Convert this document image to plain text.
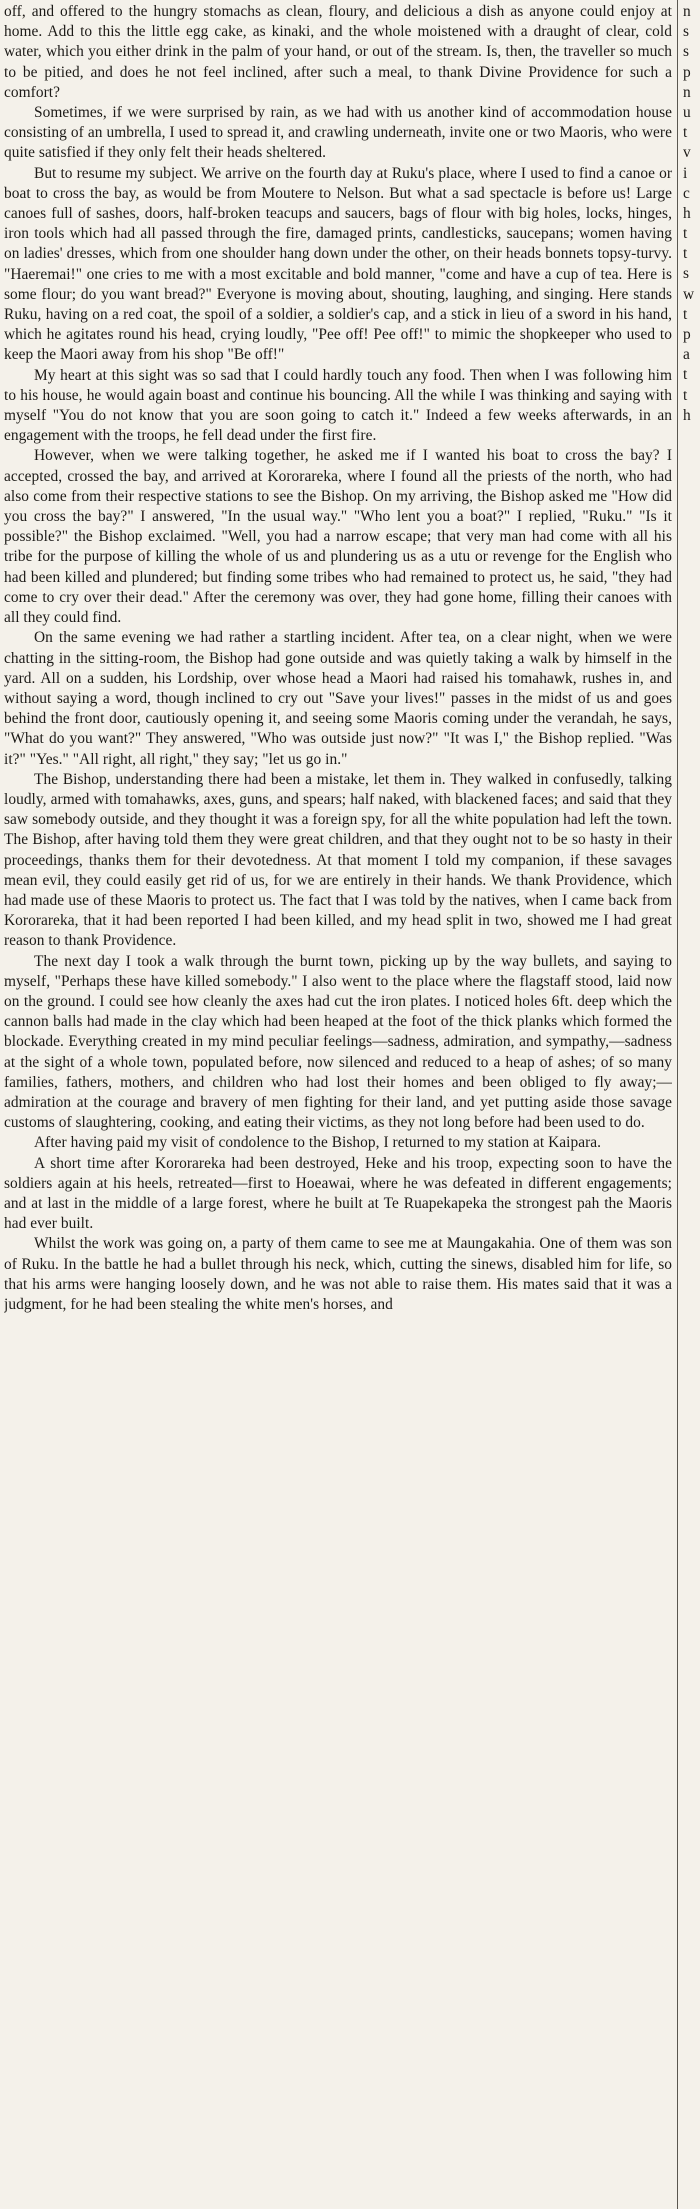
off, and offered to the hungry stomachs as clean, floury, and delicious a dish as anyone could enjoy at home. Add to this the little egg cake, as kinaki, and the whole moistened with a draught of clear, cold water, which you either drink in the palm of your hand, or out of the stream. Is, then, the traveller so much to be pitied, and does he not feel inclined, after such a meal, to thank Divine Providence for such a comfort?

Sometimes, if we were surprised by rain, as we had with us another kind of accommodation house consisting of an umbrella, I used to spread it, and crawling underneath, invite one or two Maoris, who were quite satisfied if they only felt their heads sheltered.

But to resume my subject. We arrive on the fourth day at Ruku's place, where I used to find a canoe or boat to cross the bay, as would be from Moutere to Nelson. But what a sad spectacle is before us! Large canoes full of sashes, doors, half-broken teacups and saucers, bags of flour with big holes, locks, hinges, iron tools which had all passed through the fire, damaged prints, candlesticks, saucepans; women having on ladies' dresses, which from one shoulder hang down under the other, on their heads bonnets topsy-turvy. "Haeremai!" one cries to me with a most excitable and bold manner, "come and have a cup of tea. Here is some flour; do you want bread?" Everyone is moving about, shouting, laughing, and singing. Here stands Ruku, having on a red coat, the spoil of a soldier, a soldier's cap, and a stick in lieu of a sword in his hand, which he agitates round his head, crying loudly, "Pee off! Pee off!" to mimic the shopkeeper who used to keep the Maori away from his shop "Be off!"

My heart at this sight was so sad that I could hardly touch any food. Then when I was following him to his house, he would again boast and continue his bouncing. All the while I was thinking and saying with myself "You do not know that you are soon going to catch it." Indeed a few weeks afterwards, in an engagement with the troops, he fell dead under the first fire.

However, when we were talking together, he asked me if I wanted his boat to cross the bay? I accepted, crossed the bay, and arrived at Kororareka, where I found all the priests of the north, who had also come from their respective stations to see the Bishop. On my arriving, the Bishop asked me "How did you cross the bay?" I answered, "In the usual way." "Who lent you a boat?" I replied, "Ruku." "Is it possible?" the Bishop exclaimed. "Well, you had a narrow escape; that very man had come with all his tribe for the purpose of killing the whole of us and plundering us as a utu or revenge for the English who had been killed and plundered; but finding some tribes who had remained to protect us, he said, "they had come to cry over their dead." After the ceremony was over, they had gone home, filling their canoes with all they could find.

On the same evening we had rather a startling incident. After tea, on a clear night, when we were chatting in the sitting-room, the Bishop had gone outside and was quietly taking a walk by himself in the yard. All on a sudden, his Lordship, over whose head a Maori had raised his tomahawk, rushes in, and without saying a word, though inclined to cry out "Save your lives!" passes in the midst of us and goes behind the front door, cautiously opening it, and seeing some Maoris coming under the verandah, he says, "What do you want?" They answered, "Who was outside just now?" "It was I," the Bishop replied. "Was it?" "Yes." "All right, all right," they say; "let us go in."

The Bishop, understanding there had been a mistake, let them in. They walked in confusedly, talking loudly, armed with tomahawks, axes, guns, and spears; half naked, with blackened faces; and said that they saw somebody outside, and they thought it was a foreign spy, for all the white population had left the town. The Bishop, after having told them they were great children, and that they ought not to be so hasty in their proceedings, thanks them for their devotedness. At that moment I told my companion, if these savages mean evil, they could easily get rid of us, for we are entirely in their hands. We thank Providence, which had made use of these Maoris to protect us. The fact that I was told by the natives, when I came back from Kororareka, that it had been reported I had been killed, and my head split in two, showed me I had great reason to thank Providence.

The next day I took a walk through the burnt town, picking up by the way bullets, and saying to myself, "Perhaps these have killed somebody." I also went to the place where the flagstaff stood, laid now on the ground. I could see how cleanly the axes had cut the iron plates. I noticed holes 6ft. deep which the cannon balls had made in the clay which had been heaped at the foot of the thick planks which formed the blockade. Everything created in my mind peculiar feelings—sadness, admiration, and sympathy,—sadness at the sight of a whole town, populated before, now silenced and reduced to a heap of ashes; of so many families, fathers, mothers, and children who had lost their homes and been obliged to fly away;—admiration at the courage and bravery of men fighting for their land, and yet putting aside those savage customs of slaughtering, cooking, and eating their victims, as they not long before had been used to do.

After having paid my visit of condolence to the Bishop, I returned to my station at Kaipara.

A short time after Kororareka had been destroyed, Heke and his troop, expecting soon to have the soldiers again at his heels, retreated—first to Hoeawai, where he was defeated in different engagements; and at last in the middle of a large forest, where he built at Te Ruapekapeka the strongest pah the Maoris had ever built.

Whilst the work was going on, a party of them came to see me at Maungakahia. One of them was son of Ruku. In the battle he had a bullet through his neck, which, cutting the sinews, disabled him for life, so that his arms were hanging loosely down, and he was not able to raise them. His mates said that it was a judgment, for he had been stealing the white men's horses, and

n
s
s
p
n
u
t
v
i
c
h
t
t
s
w
t
p
a
t
t
h
